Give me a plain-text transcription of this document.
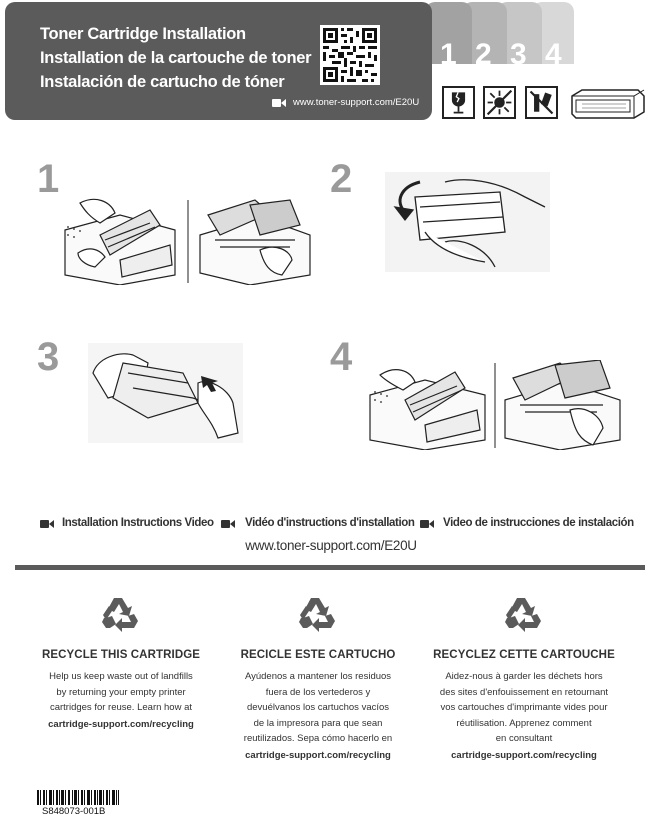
1 2 3 4
Toner Cartridge Installation
Installation de la cartouche de toner
Instalación de cartucho de tóner
www.toner-support.com/E20U
1	2
3	4
Installation Instructions Video	Vidéo d'instructions d'installation Video de instrucciones de instalación
www.toner-support.com/E20U
RECYCLE THIS CARTRIDGE
Help us keep waste out of landfills
by returning your empty printer
cartridges for reuse. Learn how at
cartridge-support.com/recycling
RECICLE ESTE CARTUCHO
Ayúdenos a mantener los residuos
fuera de los vertederos y
devuélvanos los cartuchos vacíos
de la impresora para que sean
reutilizados. Sepa cómo hacerlo en
cartridge-support.com/recycling
RECYCLEZ CETTE CARTOUCHE
Aidez-nous à garder les déchets hors
des sites d'enfouissement en retournant
vos cartouches d'imprimante vides pour
réutilisation. Apprenez comment
en consultant
cartridge-support.com/recycling
S848073-001B
